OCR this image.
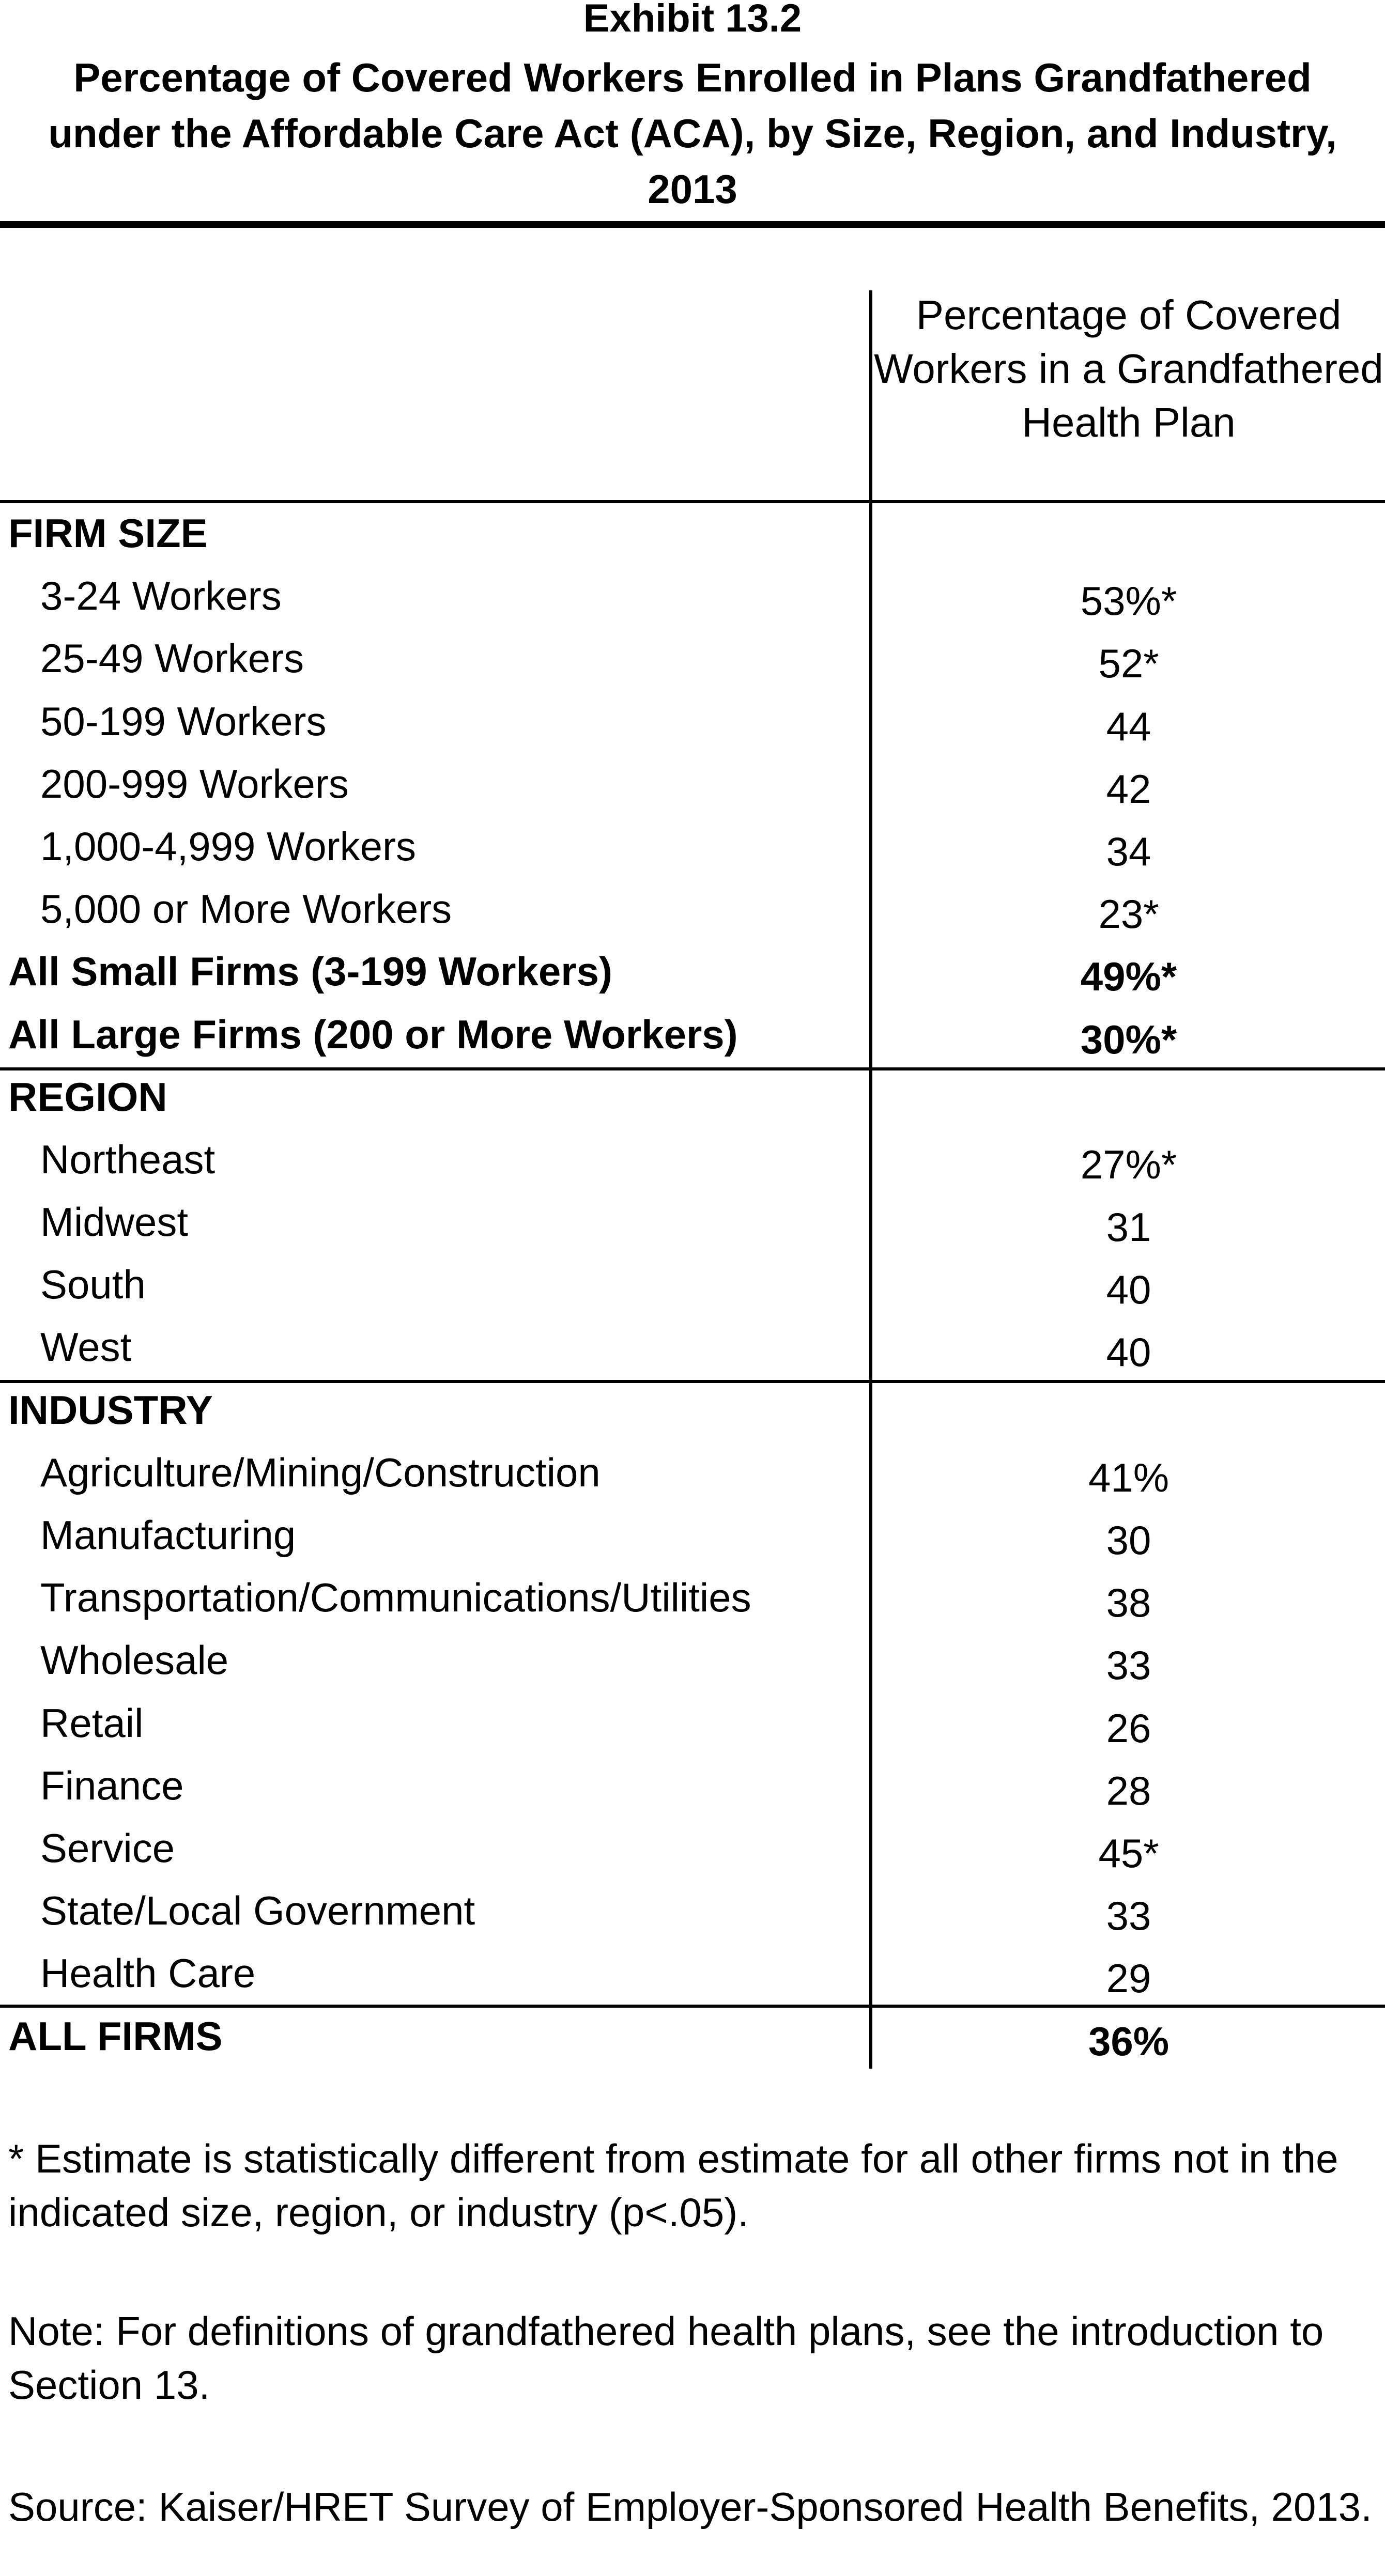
Exhibit 13.2
Percentage of Covered Workers Enrolled in Plans Grandfathered under the Affordable Care Act (ACA), by Size, Region, and Industry, 2013
Percentage of Covered Workers in a Grandfathered Health Plan
FIRM SIZE
3-24 Workers	53%*
25-49 Workers	52*
50-199 Workers	44
200-999 Workers	42
1,000-4,999 Workers	34
5,000 or More Workers	23*
All Small Firms (3-199 Workers)	49%*
All Large Firms (200 or More Workers)	30%*
REGION
Northeast	27%*
Midwest	31
South	40
West	40
INDUSTRY
Agriculture/Mining/Construction	41%
Manufacturing	30
Transportation/Communications/Utilities	38
Wholesale	33
Retail	26
Finance	28
Service	45*
State/Local Government	33
Health Care	29
ALL FIRMS	36%
* Estimate is statistically different from estimate for all other firms not in the indicated size, region, or industry (p<.05).
Note: For definitions of grandfathered health plans, see the introduction to Section 13.
Source: Kaiser/HRET Survey of Employer-Sponsored Health Benefits, 2013.
